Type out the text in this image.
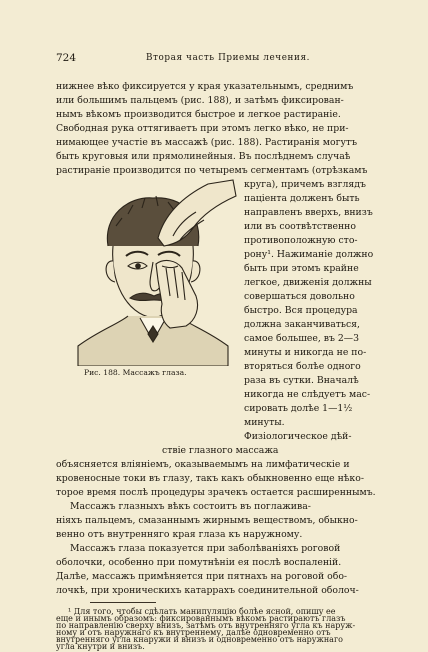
724	Вторая часть Приемы лечения.
нижнее вѣко фиксируется у края указательнымъ, среднимъ
или большимъ пальцемъ (рис. 188), и затѣмъ фиксирован-
нымъ вѣкомъ производится быстрое и легкое растираніе.
Свободная рука оттягиваетъ при этомъ легко вѣко, не при-
нимающее участіе въ массажѣ (рис. 188). Растиранія могутъ
быть круговыя или прямолинейныя. Въ послѣднемъ случаѣ
растираніе производится по четыремъ сегментамъ (отрѣзкамъ
Рис. 188. Массажъ глаза.
круга), причемъ взглядъ
паціента долженъ быть
направленъ вверхъ, внизъ
или въ соотвѣтственно
противоположную сто-
рону¹. Нажиманіе должно
быть при этомъ крайне
легкое, движенія должны
совершаться довольно
быстро. Вся процедура
должна заканчиваться,
самое большее, въ 2—3
минуты и никогда не по-
вторяться болѣе одного
раза въ сутки. Вначалѣ
никогда не слѣдуетъ мас-
сировать долѣе 1—1½
минуты.
Физіологическое дѣй-
ствіе глазного массажа
объясняется вліяніемъ, оказываемымъ на лимфатическіе и
кровеносные токи въ глазу, такъ какъ обыкновенно еще нѣко-
торое время послѣ процедуры зрачекъ остается расширеннымъ.
Массажъ глазныхъ вѣкъ состоитъ въ поглажива-
ніяхъ пальцемъ, смазаннымъ жирнымъ веществомъ, обыкно-
венно отъ внутренняго края глаза къ наружному.
Массажъ глаза показуется при заболѣваніяхъ роговой
оболочки, особенно при помутнѣніи ея послѣ воспаленій.
Далѣе, массажъ примѣняется при пятнахъ на роговой обо-
лочкѣ, при хроническихъ катаррахъ соединительной оболоч-
¹ Для того, чтобы сдѣлать манипуляцію болѣе ясной, опишу ее
еще и инымъ образомъ: фиксированнымъ вѣкомъ растираютъ глазъ
по направленію сверху внизъ, затѣмъ отъ внутренняго угла къ наруж-
ному и отъ наружнаго къ внутреннему, далѣе одновременно отъ
внутренняго угла кнаружи и внизъ и одновременно отъ наружнаго
угла кнутри и внизъ.
